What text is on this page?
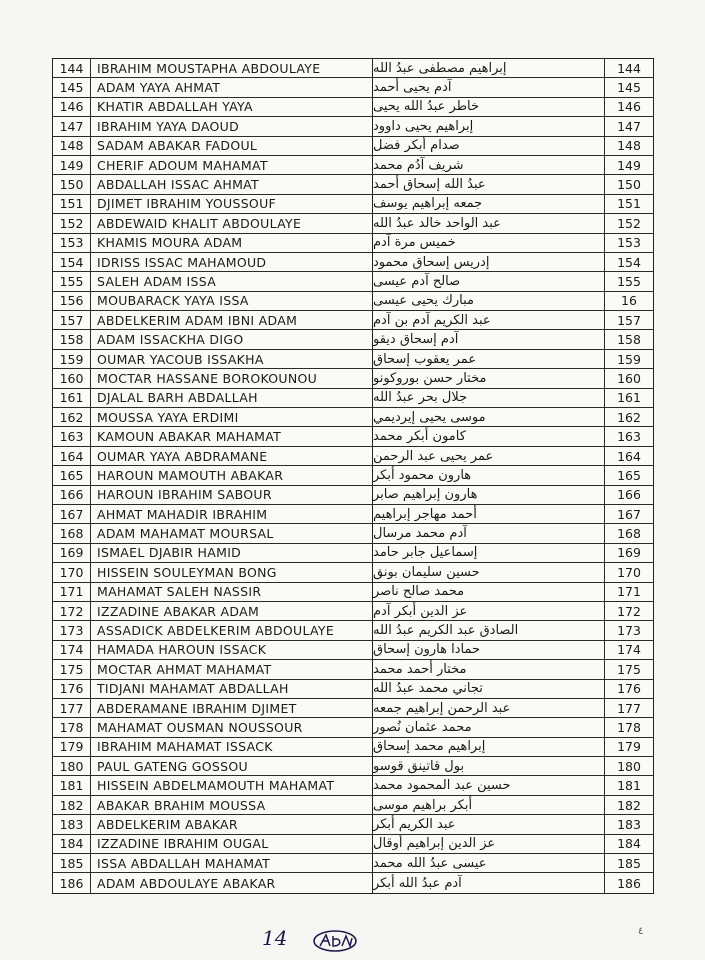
144	IBRAHIM MOUSTAPHA ABDOULAYE	إبراهيم مصطفى عبدُ الله	144
145	ADAM YAYA AHMAT	آدم يحيى أحمد	145
146	KHATIR ABDALLAH YAYA	خاطر عبدُ الله يحيى	146
147	IBRAHIM YAYA DAOUD	إبراهيم يحيى داوود	147
148	SADAM ABAKAR FADOUL	صدام أبكر فضل	148
149	CHERIF ADOUM MAHAMAT	شريف آدُم محمد	149
150	ABDALLAH ISSAC AHMAT	عبدُ الله إسحاق أحمد	150
151	DJIMET IBRAHIM YOUSSOUF	جمعه إبراهيم يوسف	151
152	ABDEWAID KHALIT ABDOULAYE	عبد الواحد خالد عبدُ الله	152
153	KHAMIS MOURA ADAM	خميس مرة آدم	153
154	IDRISS ISSAC MAHAMOUD	إدريس إسحاق محمود	154
155	SALEH ADAM ISSA	صالح آدم عيسى	155
156	MOUBARACK YAYA ISSA	مبارك يحيى عيسى	16
157	ABDELKERIM ADAM IBNI ADAM	عبد الكريم آدم بن آدم	157
158	ADAM ISSACKHA DIGO	آدم إسحاق ديقو	158
159	OUMAR YACOUB ISSAKHA	عمر يعقوب إسحاق	159
160	MOCTAR HASSANE BOROKOUNOU	مختار حسن بوروكونو	160
161	DJALAL BARH ABDALLAH	جلال بحر عبدُ الله	161
162	MOUSSA YAYA ERDIMI	موسى يحيى إيرديمي	162
163	KAMOUN ABAKAR MAHAMAT	كامون أبكر محمد	163
164	OUMAR YAYA ABDRAMANE	عمر يحيى عبد الرحمن	164
165	HAROUN MAMOUTH ABAKAR	هارون محمود أبكر	165
166	HAROUN IBRAHIM SABOUR	هارون إبراهيم صابر	166
167	AHMAT MAHADIR IBRAHIM	أحمد مهاجر إبراهيم	167
168	ADAM MAHAMAT MOURSAL	آدم محمد مرسال	168
169	ISMAEL DJABIR HAMID	إسماعيل جابر حامد	169
170	HISSEIN SOULEYMAN BONG	حسين سليمان بونق	170
171	MAHAMAT SALEH NASSIR	محمد صالح ناصر	171
172	IZZADINE ABAKAR ADAM	عز الدين أبكر آدم	172
173	ASSADICK ABDELKERIM ABDOULAYE	الصادق عبد الكريم عبدُ الله	173
174	HAMADA HAROUN ISSACK	حمادا هارون إسحاق	174
175	MOCTAR AHMAT MAHAMAT	مختار أحمد محمد	175
176	TIDJANI MAHAMAT ABDALLAH	تجاني محمد عبدُ الله	176
177	ABDERAMANE IBRAHIM DJIMET	عبد الرحمن إبراهيم جمعه	177
178	MAHAMAT OUSMAN NOUSSOUR	محمد عثمان نُصور	178
179	IBRAHIM MAHAMAT ISSACK	إبراهيم محمد إسحاق	179
180	PAUL GATENG GOSSOU	بول قاتينق قوسو	180
181	HISSEIN ABDELMAMOUTH MAHAMAT	حسين عبد المحمود محمد	181
182	ABAKAR BRAHIM MOUSSA	أبكر براهيم موسى	182
183	ABDELKERIM ABAKAR	عبد الكريم أبكر	183
184	IZZADINE IBRAHIM OUGAL	عز الدين إبراهيم أوقال	184
185	ISSA ABDALLAH MAHAMAT	عيسى عبدُ الله محمد	185
186	ADAM ABDOULAYE ABAKAR	آدم عبدُ الله أبكر	186
14	٤
